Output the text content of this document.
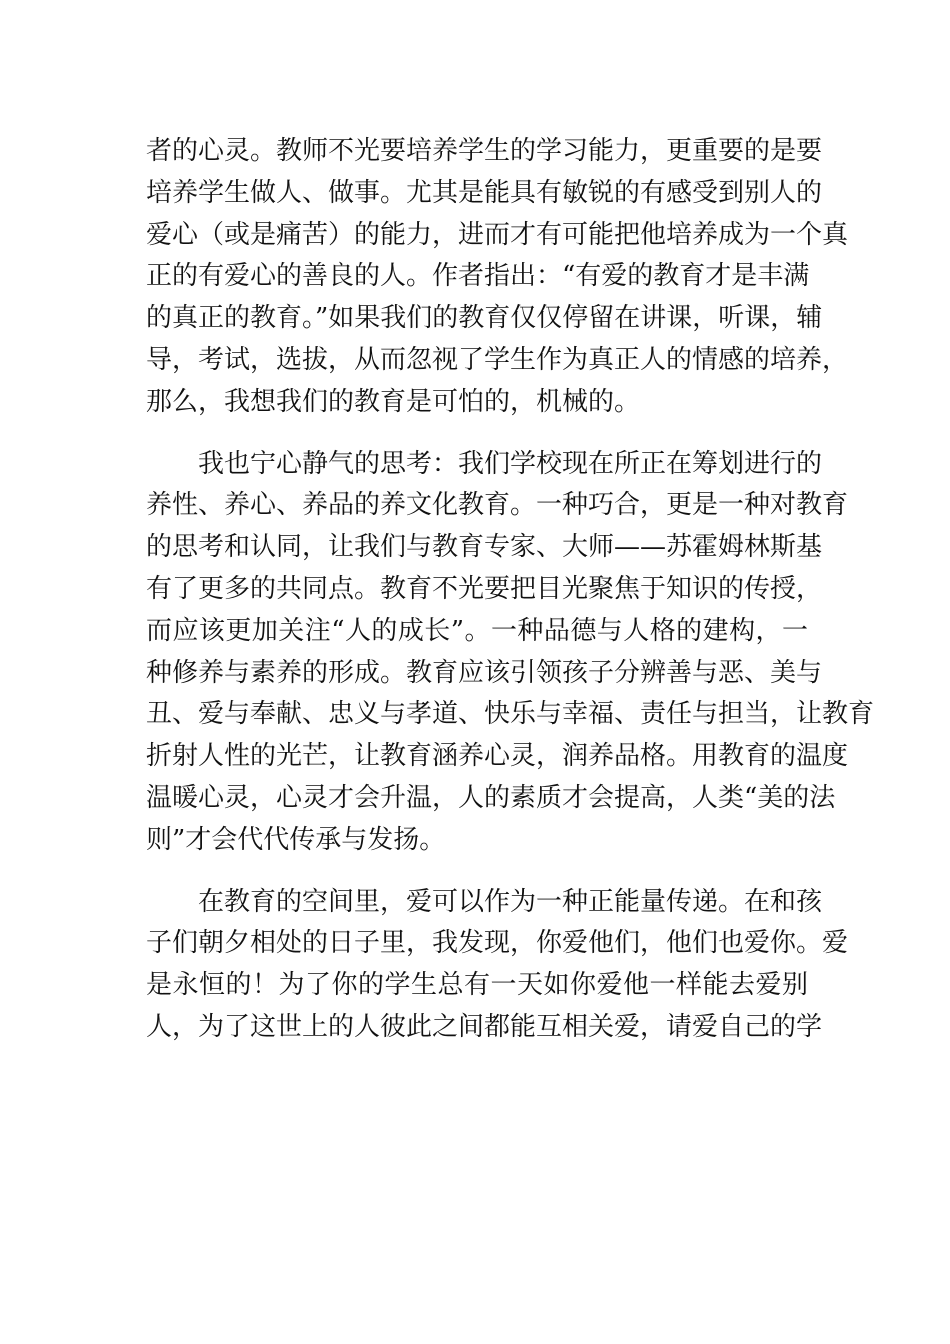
者的心灵。教师不光要培养学生的学习能力，更重要的是要
培养学生做人、做事。尤其是能具有敏锐的有感受到别人的
爱心（或是痛苦）的能力，进而才有可能把他培养成为一个真
正的有爱心的善良的人。作者指出：“有爱的教育才是丰满
的真正的教育。”如果我们的教育仅仅停留在讲课，听课，辅
导，考试，选拔，从而忽视了学生作为真正人的情感的培养，
那么，我想我们的教育是可怕的，机械的。

我也宁心静气的思考：我们学校现在所正在筹划进行的
养性、养心、养品的养文化教育。一种巧合，更是一种对教育
的思考和认同，让我们与教育专家、大师——苏霍姆林斯基
有了更多的共同点。教育不光要把目光聚焦于知识的传授，
而应该更加关注“人的成长”。一种品德与人格的建构，一
种修养与素养的形成。教育应该引领孩子分辨善与恶、美与
丑、爱与奉献、忠义与孝道、快乐与幸福、责任与担当，让教育
折射人性的光芒，让教育涵养心灵，润养品格。用教育的温度
温暖心灵，心灵才会升温，人的素质才会提高，人类“美的法
则”才会代代传承与发扬。

在教育的空间里，爱可以作为一种正能量传递。在和孩
子们朝夕相处的日子里，我发现，你爱他们，他们也爱你。爱
是永恒的！为了你的学生总有一天如你爱他一样能去爱别
人，为了这世上的人彼此之间都能互相关爱，请爱自己的学
